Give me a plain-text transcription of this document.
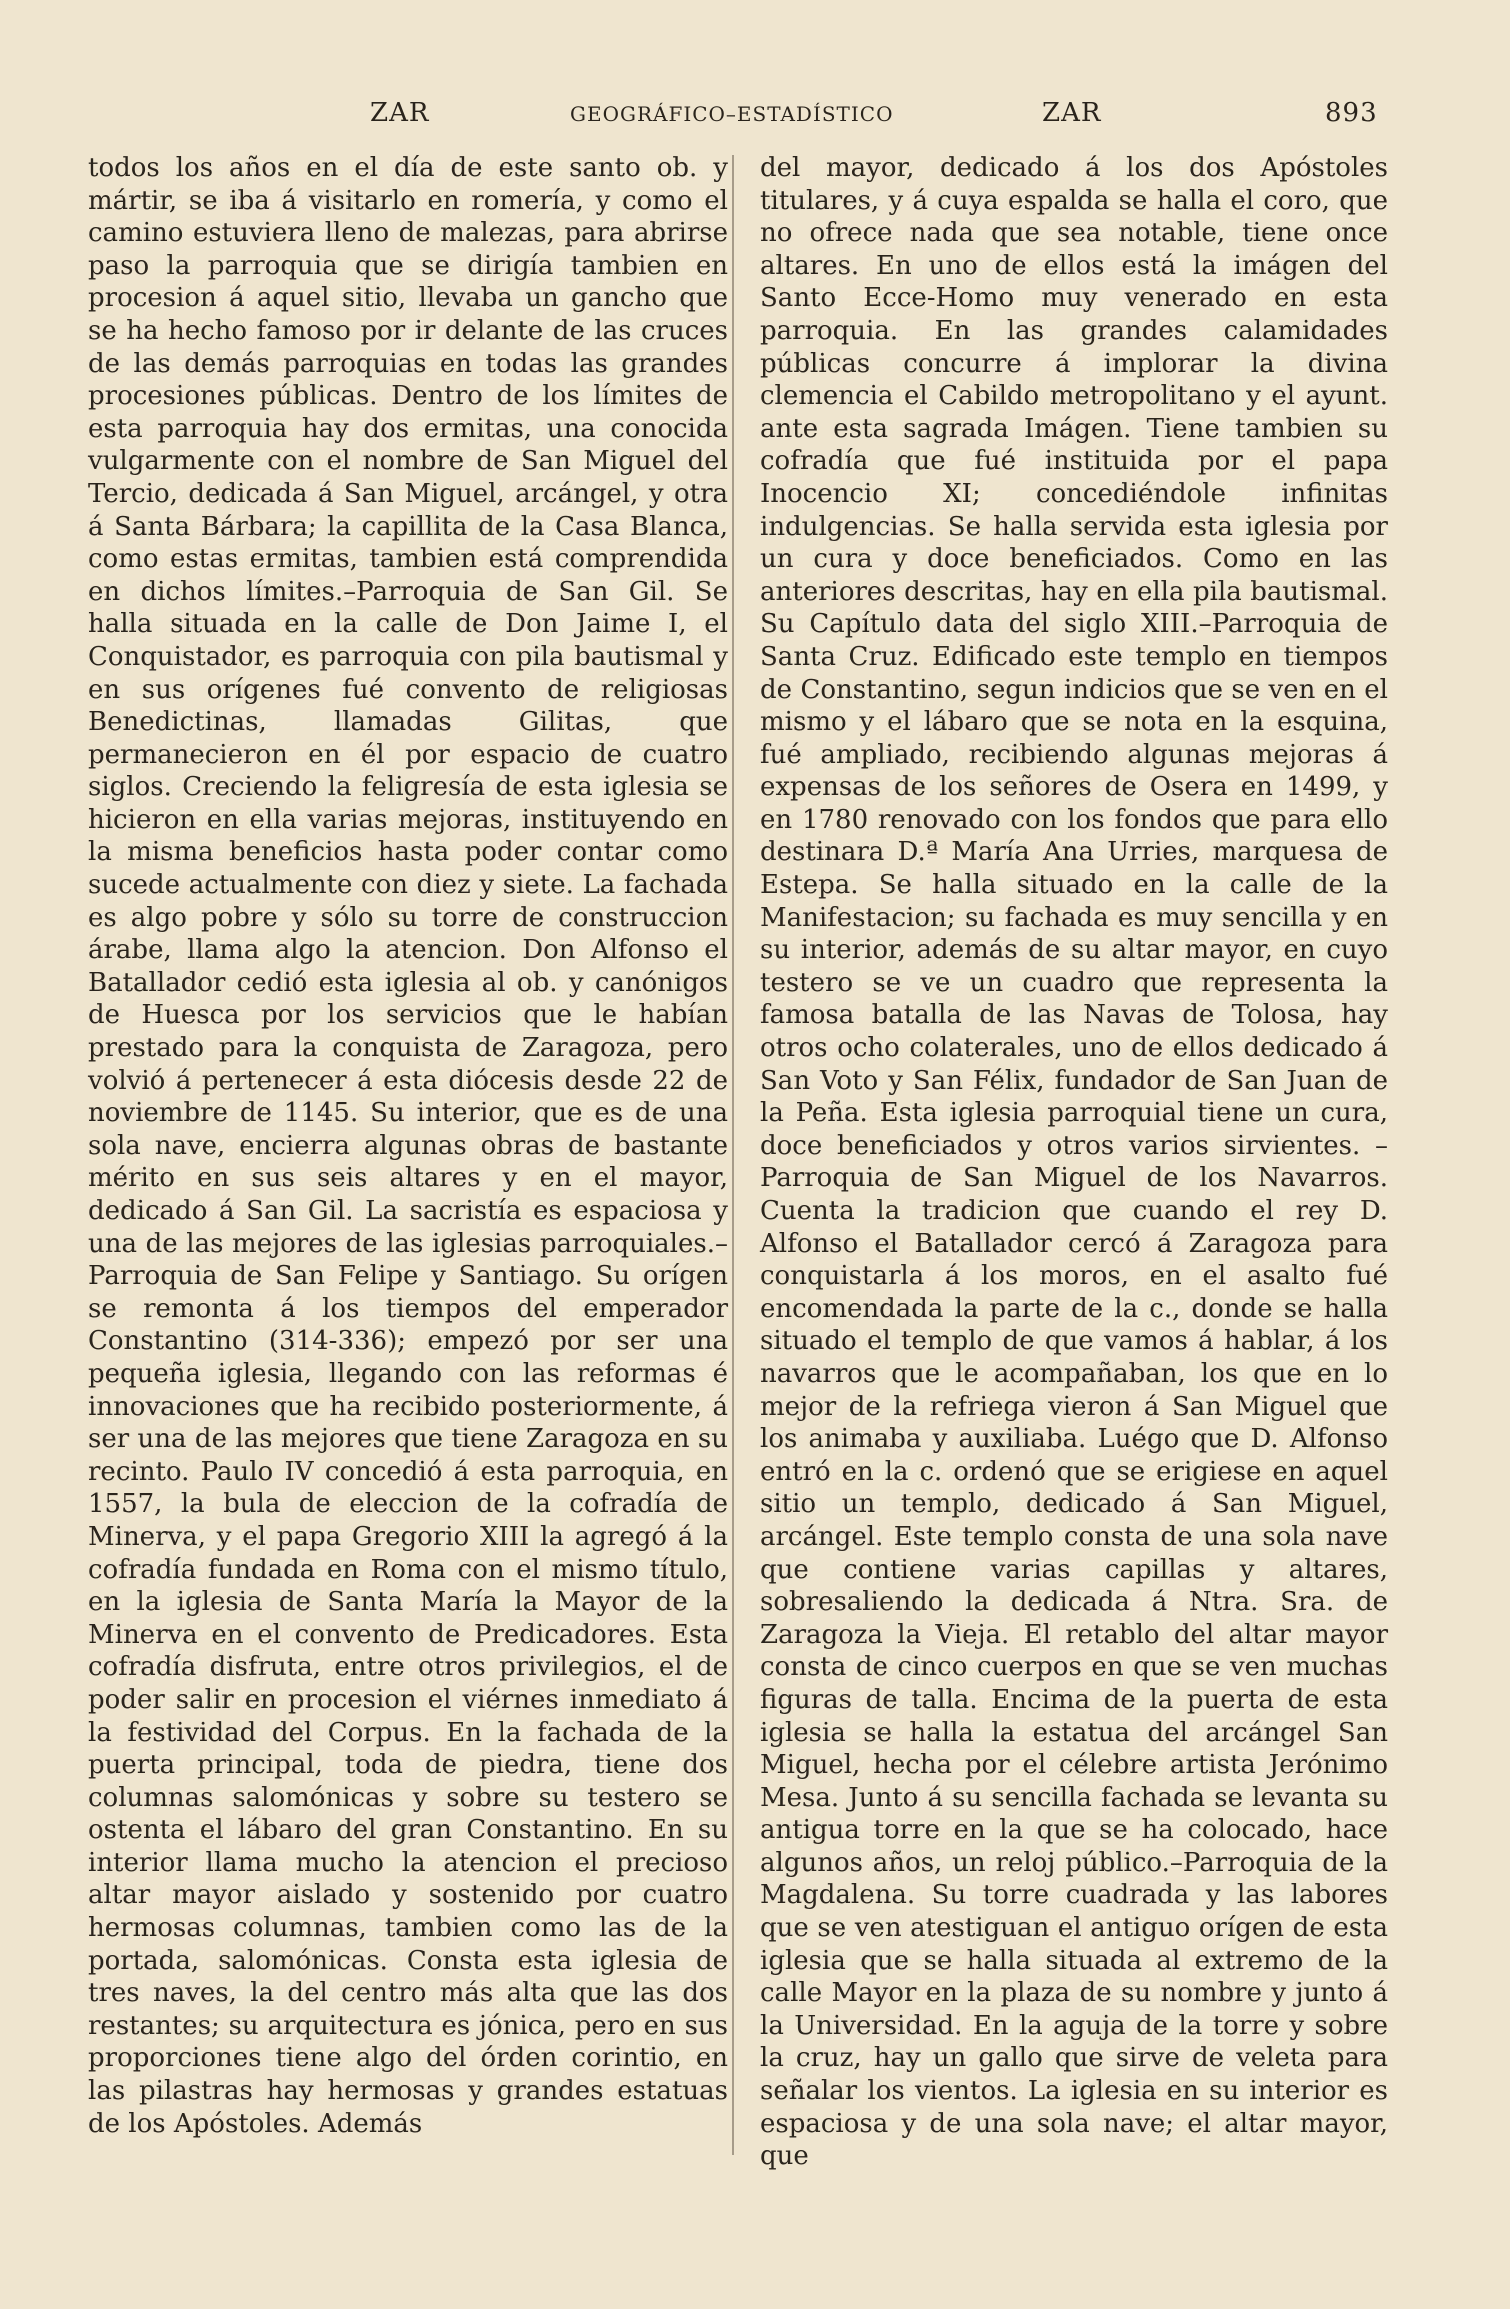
ZAR	GEOGRÁFICO–ESTADÍSTICO	ZAR	893

todos los años en el día de este santo ob. y mártir, se iba á visitarlo en romería, y como el camino estuviera lleno de malezas, para abrirse paso la parroquia que se dirigía tambien en procesion á aquel sitio, llevaba un gancho que se ha hecho famoso por ir delante de las cruces de las demás parroquias en todas las grandes procesiones públicas. Dentro de los límites de esta parroquia hay dos ermitas, una conocida vulgarmente con el nombre de San Miguel del Tercio, dedicada á San Miguel, arcángel, y otra á Santa Bárbara; la capillita de la Casa Blanca, como estas ermitas, tambien está comprendida en dichos límites.–Parroquia de San Gil. Se halla situada en la calle de Don Jaime I, el Conquistador, es parroquia con pila bautismal y en sus orígenes fué convento de religiosas Benedictinas, llamadas Gilitas, que permanecieron en él por espacio de cuatro siglos. Creciendo la feligresía de esta iglesia se hicieron en ella varias mejoras, instituyendo en la misma beneficios hasta poder contar como sucede actualmente con diez y siete. La fachada es algo pobre y sólo su torre de construccion árabe, llama algo la atencion. Don Alfonso el Batallador cedió esta iglesia al ob. y canónigos de Huesca por los servicios que le habían prestado para la conquista de Zaragoza, pero volvió á pertenecer á esta diócesis desde 22 de noviembre de 1145. Su interior, que es de una sola nave, encierra algunas obras de bastante mérito en sus seis altares y en el mayor, dedicado á San Gil. La sacristía es espaciosa y una de las mejores de las iglesias parroquiales.–Parroquia de San Felipe y Santiago. Su orígen se remonta á los tiempos del emperador Constantino (314-336); empezó por ser una pequeña iglesia, llegando con las reformas é innovaciones que ha recibido posteriormente, á ser una de las mejores que tiene Zaragoza en su recinto. Paulo IV concedió á esta parroquia, en 1557, la bula de eleccion de la cofradía de Minerva, y el papa Gregorio XIII la agregó á la cofradía fundada en Roma con el mismo título, en la iglesia de Santa María la Mayor de la Minerva en el convento de Predicadores. Esta cofradía disfruta, entre otros privilegios, el de poder salir en procesion el viérnes inmediato á la festividad del Corpus. En la fachada de la puerta principal, toda de piedra, tiene dos columnas salomónicas y sobre su testero se ostenta el lábaro del gran Constantino. En su interior llama mucho la atencion el precioso altar mayor aislado y sostenido por cuatro hermosas columnas, tambien como las de la portada, salomónicas. Consta esta iglesia de tres naves, la del centro más alta que las dos restantes; su arquitectura es jónica, pero en sus proporciones tiene algo del órden corintio, en las pilastras hay hermosas y grandes estatuas de los Apóstoles. Además

del mayor, dedicado á los dos Apóstoles titulares, y á cuya espalda se halla el coro, que no ofrece nada que sea notable, tiene once altares. En uno de ellos está la imágen del Santo Ecce-Homo muy venerado en esta parroquia. En las grandes calamidades públicas concurre á implorar la divina clemencia el Cabildo metropolitano y el ayunt. ante esta sagrada Imágen. Tiene tambien su cofradía que fué instituida por el papa Inocencio XI; concediéndole infinitas indulgencias. Se halla servida esta iglesia por un cura y doce beneficiados. Como en las anteriores descritas, hay en ella pila bautismal. Su Capítulo data del siglo XIII.–Parroquia de Santa Cruz. Edificado este templo en tiempos de Constantino, segun indicios que se ven en el mismo y el lábaro que se nota en la esquina, fué ampliado, recibiendo algunas mejoras á expensas de los señores de Osera en 1499, y en 1780 renovado con los fondos que para ello destinara D.ª María Ana Urries, marquesa de Estepa. Se halla situado en la calle de la Manifestacion; su fachada es muy sencilla y en su interior, además de su altar mayor, en cuyo testero se ve un cuadro que representa la famosa batalla de las Navas de Tolosa, hay otros ocho colaterales, uno de ellos dedicado á San Voto y San Félix, fundador de San Juan de la Peña. Esta iglesia parroquial tiene un cura, doce beneficiados y otros varios sirvientes. – Parroquia de San Miguel de los Navarros. Cuenta la tradicion que cuando el rey D. Alfonso el Batallador cercó á Zaragoza para conquistarla á los moros, en el asalto fué encomendada la parte de la c., donde se halla situado el templo de que vamos á hablar, á los navarros que le acompañaban, los que en lo mejor de la refriega vieron á San Miguel que los animaba y auxiliaba. Luégo que D. Alfonso entró en la c. ordenó que se erigiese en aquel sitio un templo, dedicado á San Miguel, arcángel. Este templo consta de una sola nave que contiene varias capillas y altares, sobresaliendo la dedicada á Ntra. Sra. de Zaragoza la Vieja. El retablo del altar mayor consta de cinco cuerpos en que se ven muchas figuras de talla. Encima de la puerta de esta iglesia se halla la estatua del arcángel San Miguel, hecha por el célebre artista Jerónimo Mesa. Junto á su sencilla fachada se levanta su antigua torre en la que se ha colocado, hace algunos años, un reloj público.–Parroquia de la Magdalena. Su torre cuadrada y las labores que se ven atestiguan el antiguo orígen de esta iglesia que se halla situada al extremo de la calle Mayor en la plaza de su nombre y junto á la Universidad. En la aguja de la torre y sobre la cruz, hay un gallo que sirve de veleta para señalar los vientos. La iglesia en su interior es espaciosa y de una sola nave; el altar mayor, que
